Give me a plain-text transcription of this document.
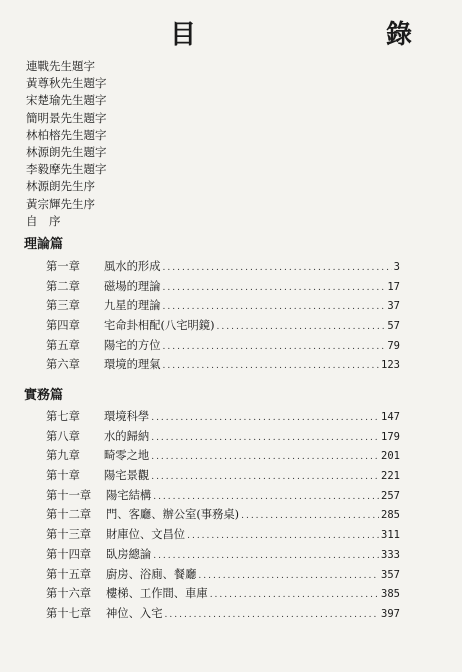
目　　錄
連戰先生題字
黃尊秋先生題字
宋楚瑜先生題字
簡明景先生題字
林柏榕先生題字
林源朗先生題字
李毅摩先生題字
林源朗先生序
黃宗輝先生序
自　序
理論篇
第一章	風水的形成 .....	3
第二章	磁場的理論 .....	17
第三章	九星的理論 .....	37
第四章	宅命卦相配(八宅明鏡) .....	57
第五章	陽宅的方位 .....	79
第六章	環境的理氣 .....	123
實務篇
第七章	環境科學 .....	147
第八章	水的歸納 .....	179
第九章	畸零之地 .....	201
第十章	陽宅景觀 .....	221
第十一章	陽宅結構 .....	257
第十二章	門、客廳、辦公室(事務桌) .....	285
第十三章	財庫位、文昌位 .....	311
第十四章	臥房總論 .....	333
第十五章	廚房、浴廁、餐廳 .....	357
第十六章	樓梯、工作間、車庫 .....	385
第十七章	神位、入宅 .....	397
